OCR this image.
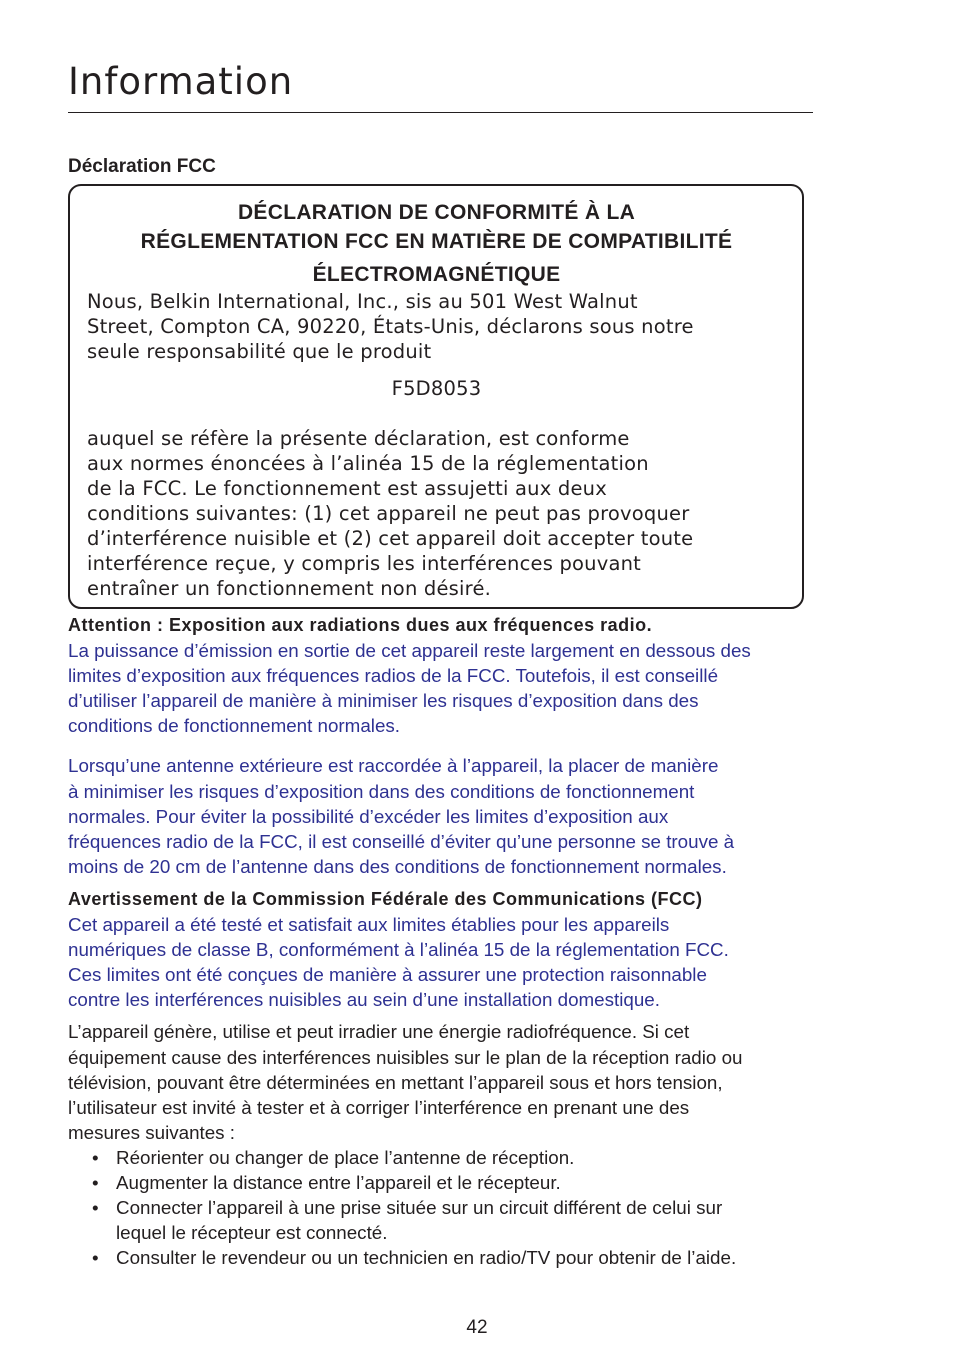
Information
Déclaration FCC

DÉCLARATION DE CONFORMITÉ À LA
RÉGLEMENTATION FCC EN MATIÈRE DE COMPATIBILITÉ
ÉLECTROMAGNÉTIQUE

Nous, Belkin International, Inc., sis au 501 West Walnut
Street, Compton CA, 90220, États-Unis, déclarons sous notre
seule responsabilité que le produit

F5D8053

auquel se réfère la présente déclaration, est conforme
aux normes énoncées à l’alinéa 15 de la réglementation
de la FCC. Le fonctionnement est assujetti aux deux
conditions suivantes: (1) cet appareil ne peut pas provoquer
d’interférence nuisible et (2) cet appareil doit accepter toute
interférence reçue, y compris les interférences pouvant
entraîner un fonctionnement non désiré.

Attention : Exposition aux radiations dues aux fréquences radio.

La puissance d’émission en sortie de cet appareil reste largement en dessous des
limites d’exposition aux fréquences radios de la FCC. Toutefois, il est conseillé
d’utiliser l’appareil de manière à minimiser les risques d’exposition dans des
conditions de fonctionnement normales.

Lorsqu’une antenne extérieure est raccordée à l’appareil, la placer de manière
à minimiser les risques d’exposition dans des conditions de fonctionnement
normales. Pour éviter la possibilité d’excéder les limites d’exposition aux
fréquences radio de la FCC, il est conseillé d’éviter qu’une personne se trouve à
moins de 20 cm de l’antenne dans des conditions de fonctionnement normales.

Avertissement de la Commission Fédérale des Communications (FCC)

Cet appareil a été testé et satisfait aux limites établies pour les appareils
numériques de classe B, conformément à l’alinéa 15 de la réglementation FCC.
Ces limites ont été conçues de manière à assurer une protection raisonnable
contre les interférences nuisibles au sein d’une installation domestique.

L’appareil génère, utilise et peut irradier une énergie radiofréquence. Si cet
équipement cause des interférences nuisibles sur le plan de la réception radio ou
télévision, pouvant être déterminées en mettant l’appareil sous et hors tension,
l’utilisateur est invité à tester et à corriger l’interférence en prenant une des
mesures suivantes :

• Réorienter ou changer de place l’antenne de réception.
• Augmenter la distance entre l’appareil et le récepteur.
• Connecter l’appareil à une prise située sur un circuit différent de celui sur
lequel le récepteur est connecté.
• Consulter le revendeur ou un technicien en radio/TV pour obtenir de l’aide.
42
